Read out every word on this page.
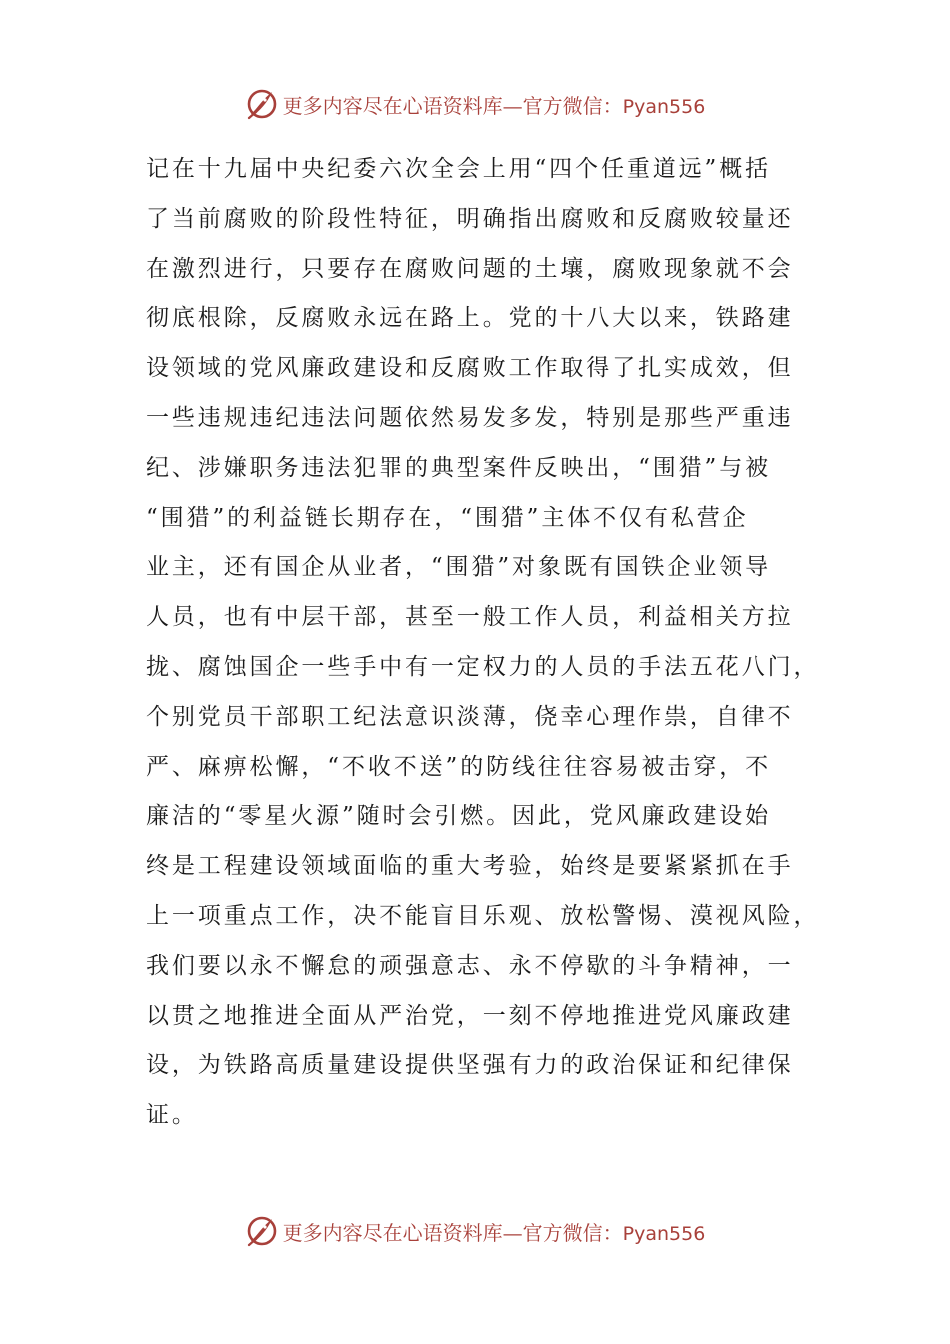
更多内容尽在心语资料库—官方微信：Pyan556
记在十九届中央纪委六次全会上用“四个任重道远”概括
了当前腐败的阶段性特征，明确指出腐败和反腐败较量还
在激烈进行，只要存在腐败问题的土壤，腐败现象就不会
彻底根除，反腐败永远在路上。党的十八大以来，铁路建
设领域的党风廉政建设和反腐败工作取得了扎实成效，但
一些违规违纪违法问题依然易发多发，特别是那些严重违
纪、涉嫌职务违法犯罪的典型案件反映出，“围猎”与被
“围猎”的利益链长期存在，“围猎”主体不仅有私营企
业主，还有国企从业者，“围猎”对象既有国铁企业领导
人员，也有中层干部，甚至一般工作人员，利益相关方拉
拢、腐蚀国企一些手中有一定权力的人员的手法五花八门，
个别党员干部职工纪法意识淡薄，侥幸心理作祟，自律不
严、麻痹松懈，“不收不送”的防线往往容易被击穿，不
廉洁的“零星火源”随时会引燃。因此，党风廉政建设始
终是工程建设领域面临的重大考验，始终是要紧紧抓在手
上一项重点工作，决不能盲目乐观、放松警惕、漠视风险，
我们要以永不懈怠的顽强意志、永不停歇的斗争精神，一
以贯之地推进全面从严治党，一刻不停地推进党风廉政建
设，为铁路高质量建设提供坚强有力的政治保证和纪律保
证。
更多内容尽在心语资料库—官方微信：Pyan556
